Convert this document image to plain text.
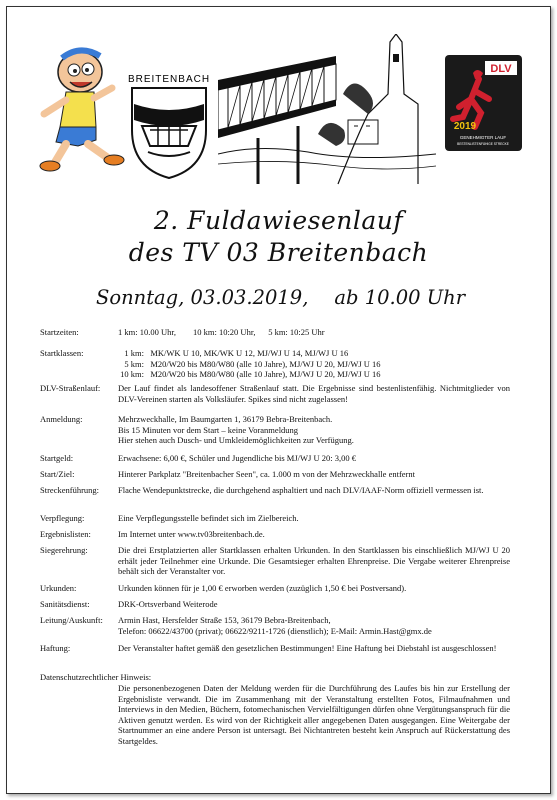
BREITENBACH
DLV
2019
GENEHMIGTER LAUF
BESTENLISTENFÄHIGE STRECKE
2. Fuldawiesenlauf
des TV 03 Breitenbach
Sonntag, 03.03.2019, ab 10.00 Uhr
Startzeiten:	1 km: 10.00 Uhr,        10 km: 10:20 Uhr,      5 km: 10:25 Uhr
Startklassen:	1 km:   MK/WK U 10, MK/WK U 12, MJ/WJ U 14, MJ/WJ U 16
5 km:   M20/W20 bis M80/W80 (alle 10 Jahre), MJ/WJ U 20, MJ/WJ U 16
10 km:   M20/W20 bis M80/W80 (alle 10 Jahre), MJ/WJ U 20, MJ/WJ U 16
DLV-Straßenlauf:	Der Lauf findet als landesoffener Straßenlauf statt. Die Ergebnisse sind bestenlistenfähig. Nichtmitglieder von DLV-Vereinen starten als Volksläufer. Spikes sind nicht zugelassen!
Anmeldung:	Mehrzweckhalle, Im Baumgarten 1, 36179 Bebra-Breitenbach.
Bis 15 Minuten vor dem Start – keine Voranmeldung
Hier stehen auch Dusch- und Umkleidemöglichkeiten zur Verfügung.
Startgeld:	Erwachsene: 6,00 €, Schüler und Jugendliche bis MJ/WJ U 20: 3,00 €
Start/Ziel:	Hinterer Parkplatz "Breitenbacher Seen", ca. 1.000 m von der Mehrzweckhalle entfernt
Streckenführung:	Flache Wendepunktstrecke, die durchgehend asphaltiert und nach DLV/IAAF-Norm offiziell vermessen ist.
Verpflegung:	Eine Verpflegungsstelle befindet sich im Zielbereich.
Ergebnislisten:	Im Internet unter www.tv03breitenbach.de.
Siegerehrung:	Die drei Erstplatzierten aller Startklassen erhalten Urkunden. In den Startklassen bis einschließlich MJ/WJ U 20 erhält jeder Teilnehmer eine Urkunde. Die Gesamtsieger erhalten Ehrenpreise. Die Vergabe weiterer Ehrenpreise behält sich der Veranstalter vor.
Urkunden:	Urkunden können für je 1,00 € erworben werden (zuzüglich 1,50 € bei Postversand).
Sanitätsdienst:	DRK-Ortsverband Weiterode
Leitung/Auskunft:	Armin Hast, Hersfelder Straße 153, 36179 Bebra-Breitenbach,
Telefon: 06622/43700 (privat); 06622/9211-1726 (dienstlich); E-Mail: Armin.Hast@gmx.de
Haftung:	Der Veranstalter haftet gemäß den gesetzlichen Bestimmungen! Eine Haftung bei Diebstahl ist ausgeschlossen!
Datenschutzrechtlicher Hinweis:
Die personenbezogenen Daten der Meldung werden für die Durchführung des Laufes bis hin zur Erstellung der Ergebnisliste verwandt. Die im Zusammenhang mit der Veranstaltung erstellten Fotos, Filmaufnahmen und Interviews in den Medien, Büchern, fotomechanischen Vervielfältigungen dürfen ohne Vergütungsanspruch für die Aktiven genutzt werden. Es wird von der Richtigkeit aller angegebenen Daten ausgegangen. Eine Weitergabe der Startnummer an eine andere Person ist untersagt. Bei Nichtantreten besteht kein Anspruch auf Rückerstattung des Startgeldes.
